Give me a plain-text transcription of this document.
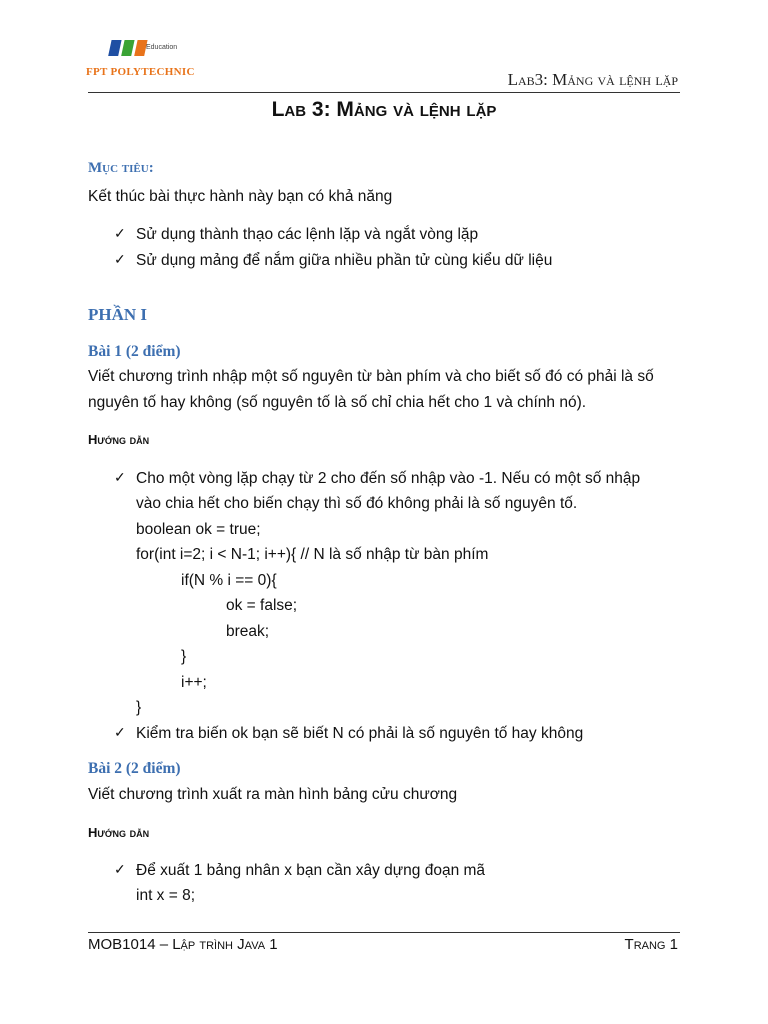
Education
FPT POLYTECHNIC	Lab3: Mảng và lệnh lặp
Lab 3: Mảng và lệnh lặp
Mục tiêu:
Kết thúc bài thực hành này bạn có khả năng
✓ Sử dụng thành thạo các lệnh lặp và ngắt vòng lặp
✓ Sử dụng mảng để nắm giữa nhiều phần tử cùng kiểu dữ liệu
PHẦN I
Bài 1 (2 điểm)
Viết chương trình nhập một số nguyên từ bàn phím và cho biết số đó có phải là số
nguyên tố hay không (số nguyên tố là số chỉ chia hết cho 1 và chính nó).
Hướng dẫn
✓ Cho một vòng lặp chạy từ 2 cho đến số nhập vào -1. Nếu có một số nhập
vào chia hết cho biến chạy thì số đó không phải là số nguyên tố.
boolean ok = true;
for(int i=2; i < N-1; i++){ // N là số nhập từ bàn phím
if(N % i == 0){
ok = false;
break;
}
i++;
}
✓ Kiểm tra biến ok bạn sẽ biết N có phải là số nguyên tố hay không
Bài 2 (2 điểm)
Viết chương trình xuất ra màn hình bảng cửu chương
Hướng dẫn
✓ Để xuất 1 bảng nhân x bạn cần xây dựng đoạn mã
int x = 8;
MOB1014 – Lập trình Java 1	Trang 1
